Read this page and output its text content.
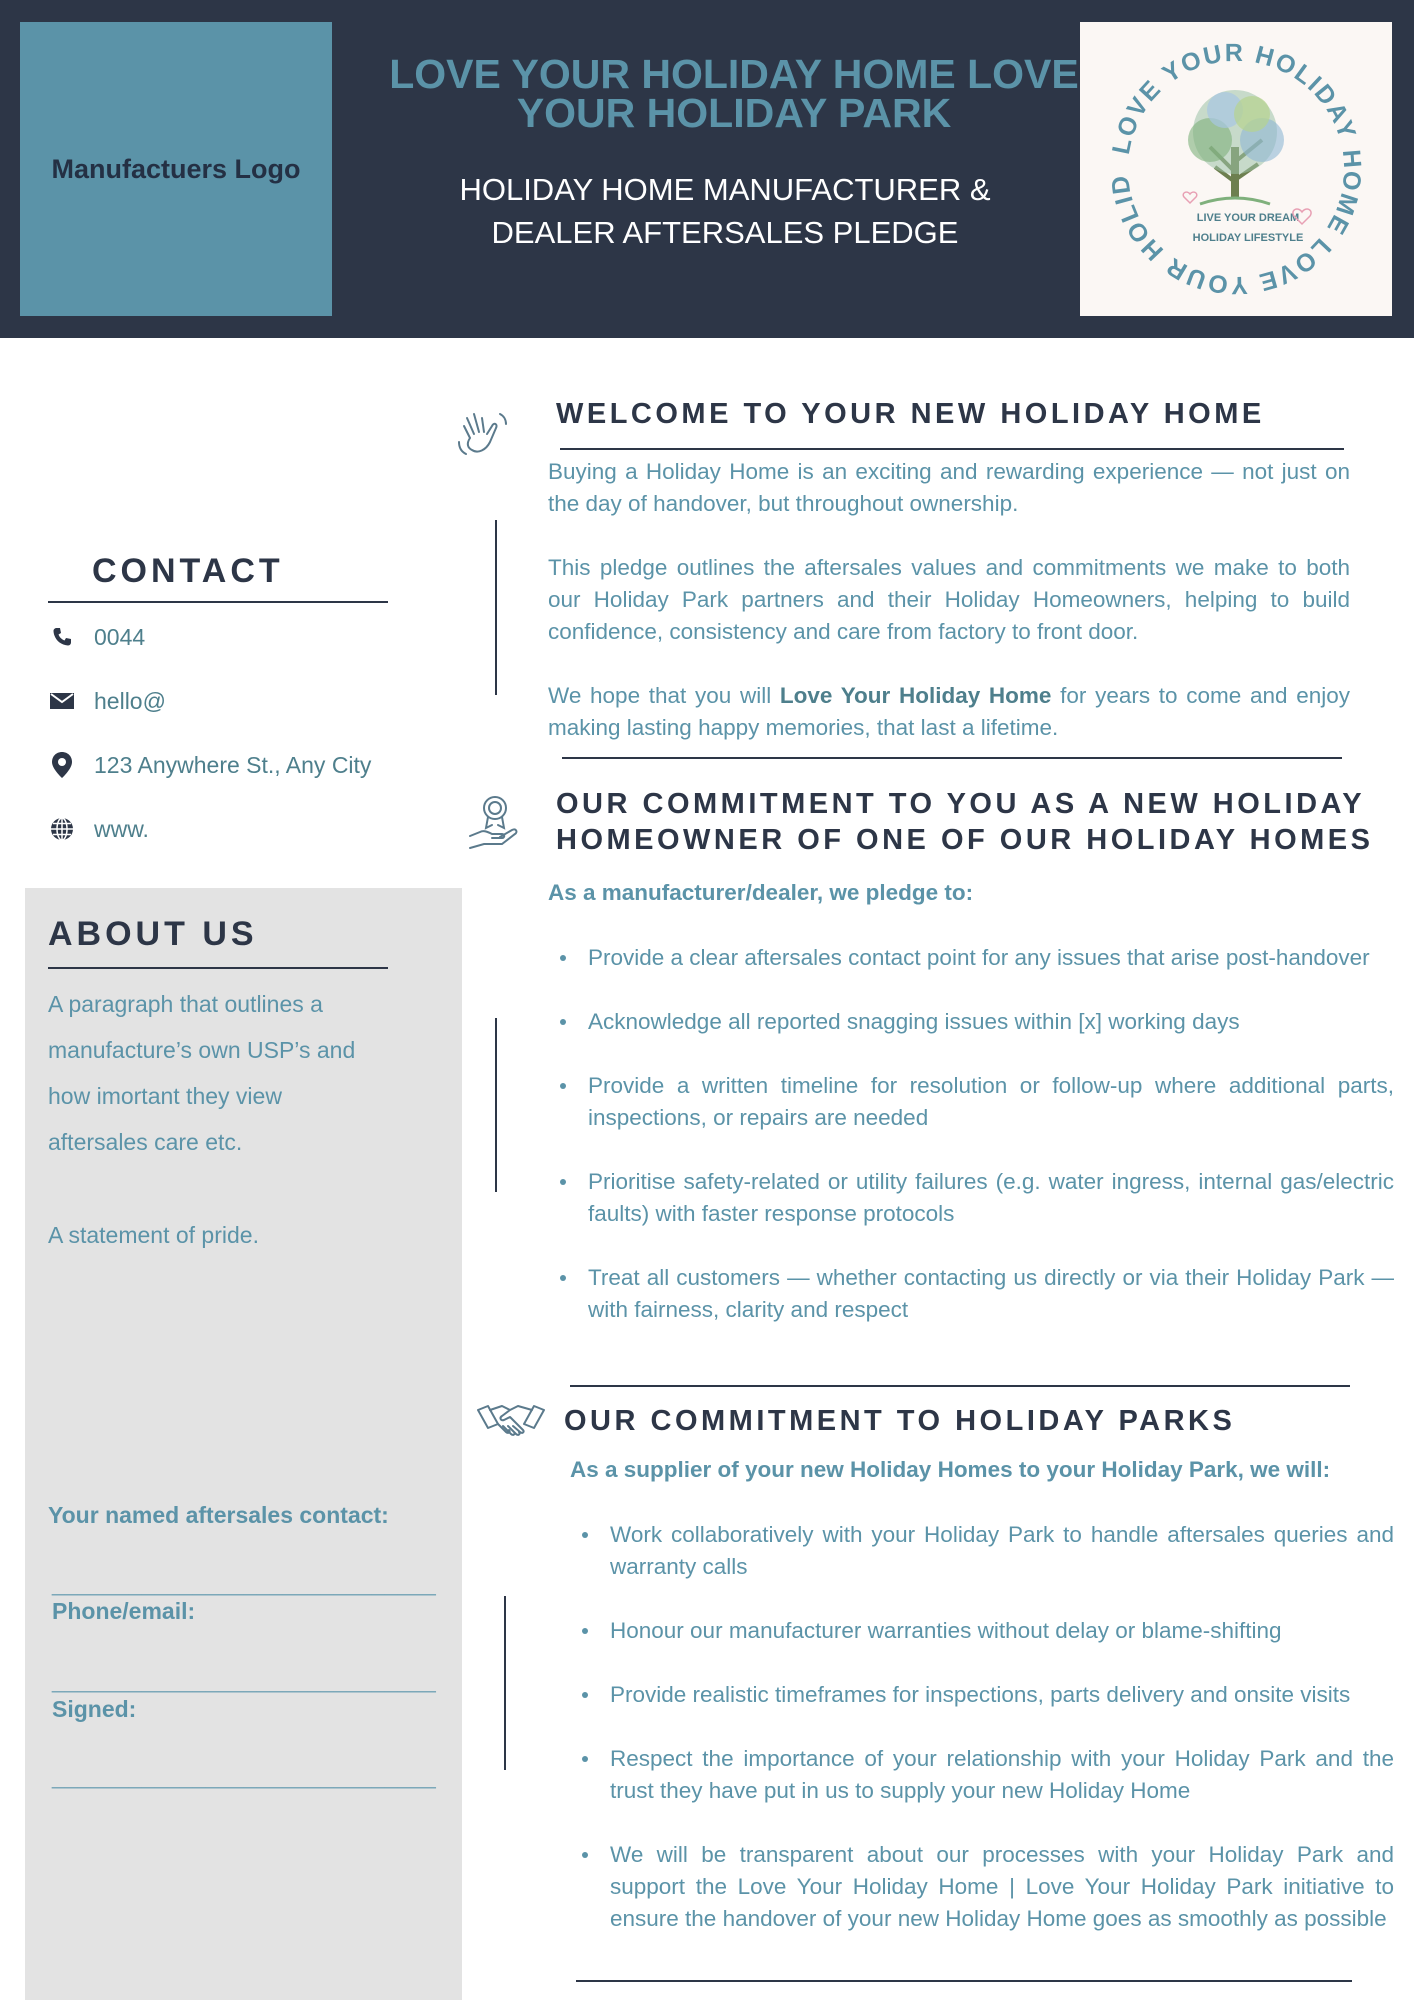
Manufactuers Logo
LOVE YOUR HOLIDAY HOME LOVE YOUR HOLIDAY PARK
HOLIDAY HOME MANUFACTURER &
DEALER AFTERSALES PLEDGE
LOVE YOUR HOLIDAY HOME LOVE YOUR HOLID
LIVE YOUR DREAM
HOLIDAY LIFESTYLE
CONTACT
0044
hello@
123 Anywhere St., Any City
www.
ABOUT US
A paragraph that outlines a
manufacture’s own USP’s and
how imortant they view
aftersales care etc.
A statement of pride.
Your named aftersales contact:
______________________________
Phone/email:
______________________________
Signed:
______________________________
WELCOME TO YOUR NEW HOLIDAY HOME
Buying a Holiday Home is an exciting and rewarding experience — not just on the day of handover, but throughout ownership.
This pledge outlines the aftersales values and commitments we make to both our Holiday Park partners and their Holiday Homeowners, helping to build confidence, consistency and care from factory to front door.
We hope that you will Love Your Holiday Home for years to come and enjoy making lasting happy memories, that last a lifetime.
OUR COMMITMENT TO YOU AS A NEW HOLIDAY
HOMEOWNER OF ONE OF OUR HOLIDAY HOMES
As a manufacturer/dealer, we pledge to:
Provide a clear aftersales contact point for any issues that arise post-handover
Acknowledge all reported snagging issues within [x] working days
Provide a written timeline for resolution or follow-up where additional parts, inspections, or repairs are needed
Prioritise safety-related or utility failures (e.g. water ingress, internal gas/electric faults) with faster response protocols
Treat all customers — whether contacting us directly or via their Holiday Park — with fairness, clarity and respect
OUR COMMITMENT TO HOLIDAY PARKS
As a supplier of your new Holiday Homes to your Holiday Park, we will:
Work collaboratively with your Holiday Park to handle aftersales queries and warranty calls
Honour our manufacturer warranties without delay or blame-shifting
Provide realistic timeframes for inspections, parts delivery and onsite visits
Respect the importance of your relationship with your Holiday Park and the trust they have put in us to supply your new Holiday Home
We will be transparent about our processes with your Holiday Park and support the Love Your Holiday Home | Love Your Holiday Park initiative to ensure the handover of your new Holiday Home goes as smoothly as possible
